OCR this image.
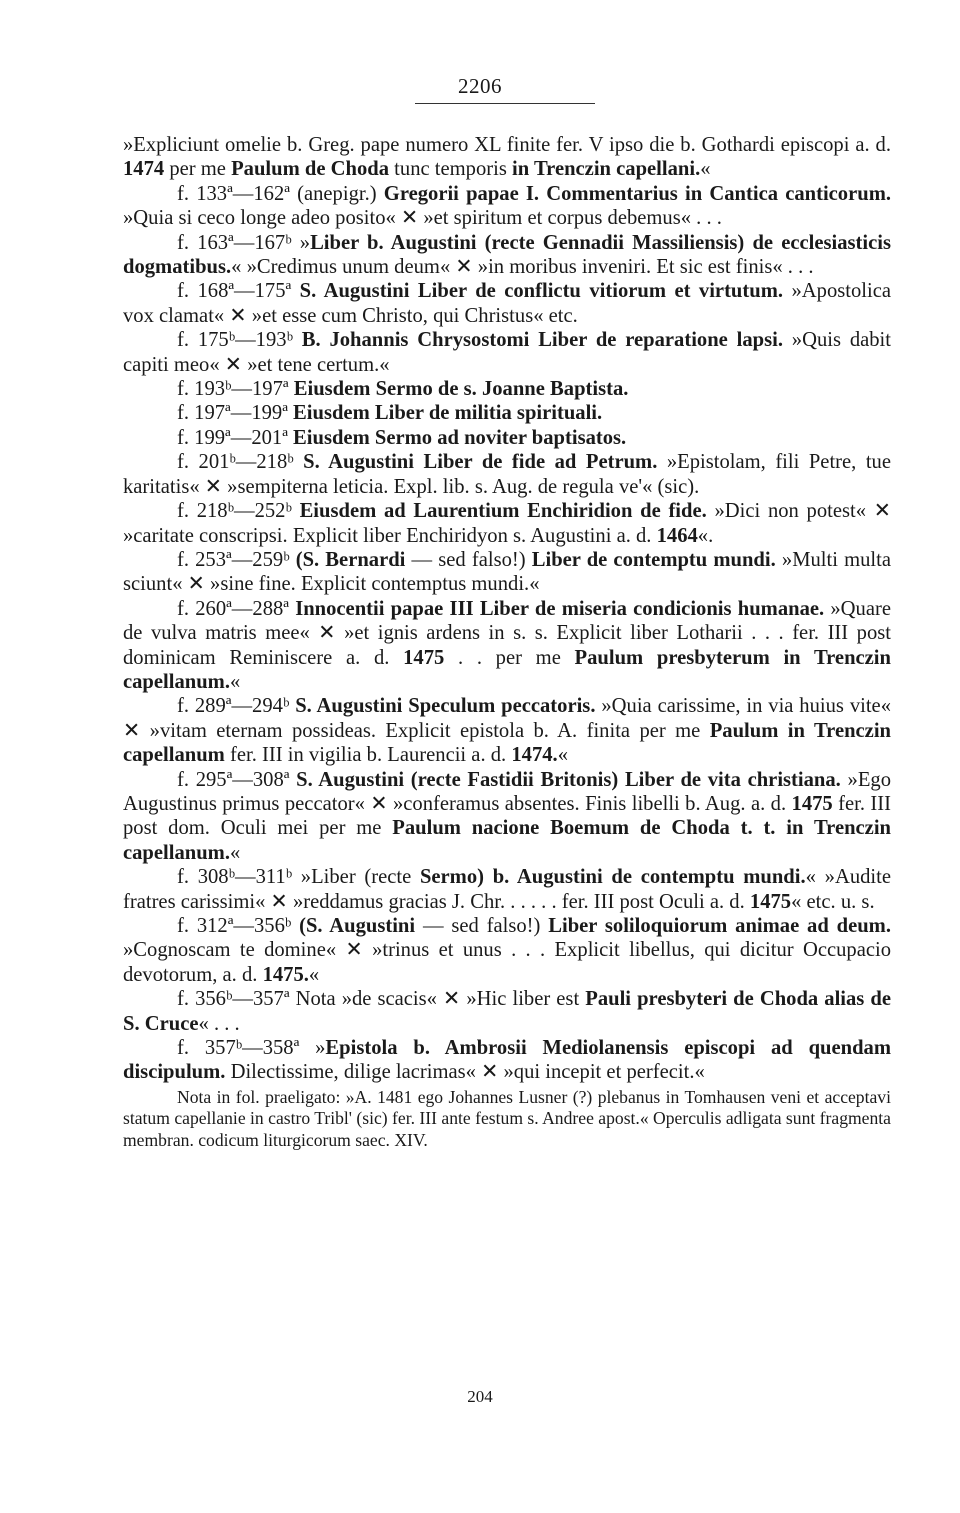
2206

»Expliciunt omelie b. Greg. pape numero XL finite fer. V ipso die b. Gothardi episcopi a. d. 1474 per me Paulum de Choda tunc temporis in Trenczin capellani.«

f. 133ª—162ª (anepigr.) Gregorii papae I. Commentarius in Cantica canticorum. »Quia si ceco longe adeo posito« ✕ »et spiritum et corpus debemus« . . .

f. 163ª—167ᵇ »Liber b. Augustini (recte Gennadii Massiliensis) de ecclesiasticis dogmatibus.« »Credimus unum deum« ✕ »in moribus inveniri. Et sic est finis« . . .

f. 168ª—175ª S. Augustini Liber de conflictu vitiorum et virtutum. »Apostolica vox clamat« ✕ »et esse cum Christo, qui Christus« etc.

f. 175ᵇ—193ᵇ B. Johannis Chrysostomi Liber de reparatione lapsi. »Quis dabit capiti meo« ✕ »et tene certum.«

f. 193ᵇ—197ª Eiusdem Sermo de s. Joanne Baptista.

f. 197ª—199ª Eiusdem Liber de militia spirituali.

f. 199ª—201ª Eiusdem Sermo ad noviter baptisatos.

f. 201ᵇ—218ᵇ S. Augustini Liber de fide ad Petrum. »Epistolam, fili Petre, tue karitatis« ✕ »sempiterna leticia. Expl. lib. s. Aug. de regula ve'« (sic).

f. 218ᵇ—252ᵇ Eiusdem ad Laurentium Enchiridion de fide. »Dici non potest« ✕ »caritate conscripsi. Explicit liber Enchiridyon s. Augustini a. d. 1464«.

f. 253ª—259ᵇ (S. Bernardi — sed falso!) Liber de contemptu mundi. »Multi multa sciunt« ✕ »sine fine. Explicit contemptus mundi.«

f. 260ª—288ª Innocentii papae III Liber de miseria condicionis humanae. »Quare de vulva matris mee« ✕ »et ignis ardens in s. s. Explicit liber Lotharii . . . fer. III post dominicam Reminiscere a. d. 1475 . . per me Paulum presbyterum in Trenczin capellanum.«

f. 289ª—294ᵇ S. Augustini Speculum peccatoris. »Quia carissime, in via huius vite« ✕ »vitam eternam possideas. Explicit epistola b. A. finita per me Paulum in Trenczin capellanum fer. III in vigilia b. Laurencii a. d. 1474.«

f. 295ª—308ª S. Augustini (recte Fastidii Britonis) Liber de vita christiana. »Ego Augustinus primus peccator« ✕ »conferamus absentes. Finis libelli b. Aug. a. d. 1475 fer. III post dom. Oculi mei per me Paulum nacione Boemum de Choda t. t. in Trenczin capellanum.«

f. 308ᵇ—311ᵇ »Liber (recte Sermo) b. Augustini de contemptu mundi.« »Audite fratres carissimi« ✕ »reddamus gracias J. Chr. . . . . . fer. III post Oculi a. d. 1475« etc. u. s.

f. 312ª—356ᵇ (S. Augustini — sed falso!) Liber soliloquiorum animae ad deum. »Cognoscam te domine« ✕ »trinus et unus . . . Explicit libellus, qui dicitur Occupacio devotorum, a. d. 1475.«

f. 356ᵇ—357ª Nota »de scacis« ✕ »Hic liber est Pauli presbyteri de Choda alias de S. Cruce« . . .

f. 357ᵇ—358ª »Epistola b. Ambrosii Mediolanensis episcopi ad quendam discipulum. Dilectissime, dilige lacrimas« ✕ »qui incepit et perfecit.«

Nota in fol. praeligato: »A. 1481 ego Johannes Lusner (?) plebanus in Tomhausen veni et acceptavi statum capellanie in castro Tribl' (sic) fer. III ante festum s. Andree apost.« Operculis adligata sunt fragmenta membran. codicum liturgicorum saec. XIV.

204
